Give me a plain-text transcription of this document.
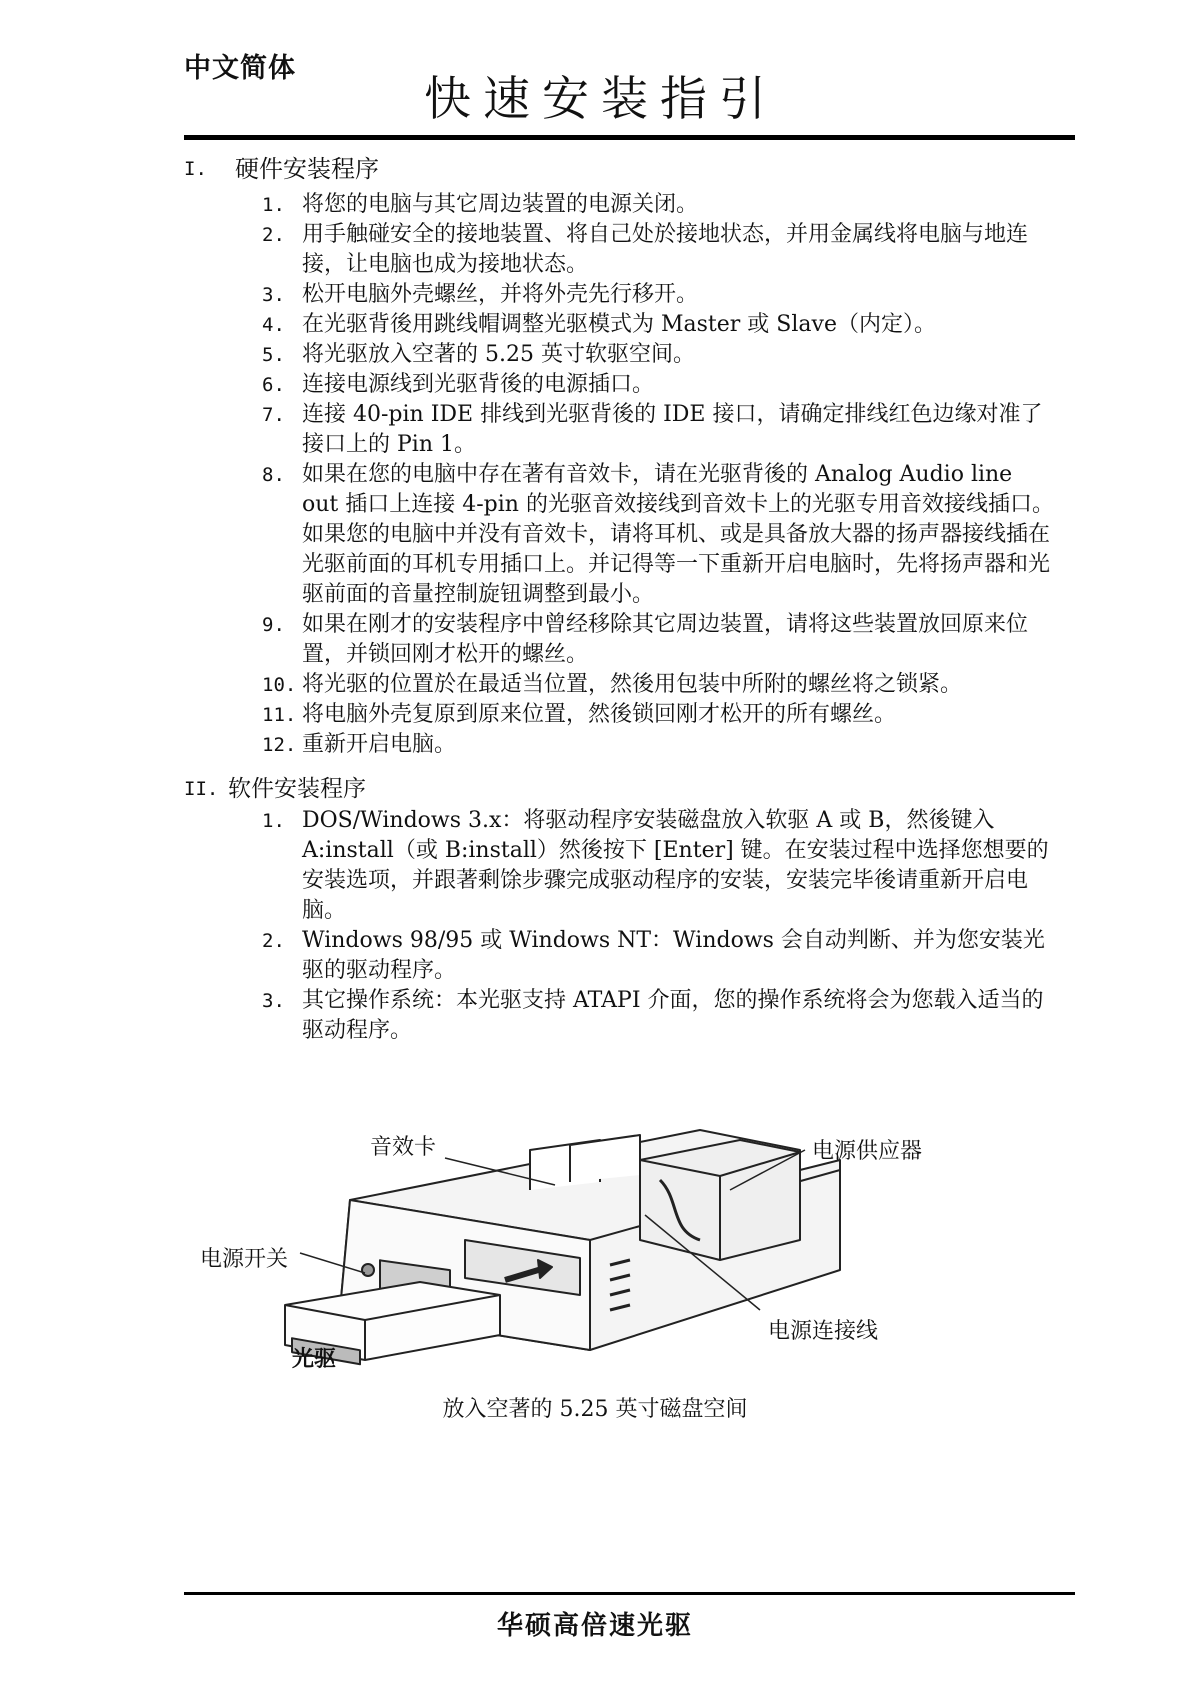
中文简体
快速安装指引
I.	硬件安装程序
1. 将您的电脑与其它周边装置的电源关闭。
2. 用手触碰安全的接地装置、将自己处於接地状态，并用金属线将电脑与地连接，让电脑也成为接地状态。
3. 松开电脑外壳螺丝，并将外壳先行移开。
4. 在光驱背後用跳线帽调整光驱模式为 Master 或 Slave（内定）。
5. 将光驱放入空著的 5.25 英寸软驱空间。
6. 连接电源线到光驱背後的电源插口。
7. 连接 40-pin IDE 排线到光驱背後的 IDE 接口，请确定排线红色边缘对准了接口上的 Pin 1。
8. 如果在您的电脑中存在著有音效卡，请在光驱背後的 Analog Audio line out 插口上连接 4-pin 的光驱音效接线到音效卡上的光驱专用音效接线插口。如果您的电脑中并没有音效卡，请将耳机、或是具备放大器的扬声器接线插在光驱前面的耳机专用插口上。并记得等一下重新开启电脑时，先将扬声器和光驱前面的音量控制旋钮调整到最小。
9. 如果在刚才的安装程序中曾经移除其它周边装置，请将这些装置放回原来位置，并锁回刚才松开的螺丝。
10. 将光驱的位置於在最适当位置，然後用包装中所附的螺丝将之锁紧。
11. 将电脑外壳复原到原来位置，然後锁回刚才松开的所有螺丝。
12. 重新开启电脑。
II. 软件安装程序
1. DOS/Windows 3.x：将驱动程序安装磁盘放入软驱 A 或 B，然後键入 A:install（或 B:install）然後按下 [Enter] 键。在安装过程中选择您想要的安装选项，并跟著剩馀步骤完成驱动程序的安装，安装完毕後请重新开启电脑。
2. Windows 98/95 或 Windows NT：Windows 会自动判断、并为您安装光驱的驱动程序。
3. 其它操作系统：本光驱支持 ATAPI 介面，您的操作系统将会为您载入适当的驱动程序。
音效卡	电源供应器
电源开关
电源连接线
光驱
放入空著的 5.25 英寸磁盘空间
华硕高倍速光驱
